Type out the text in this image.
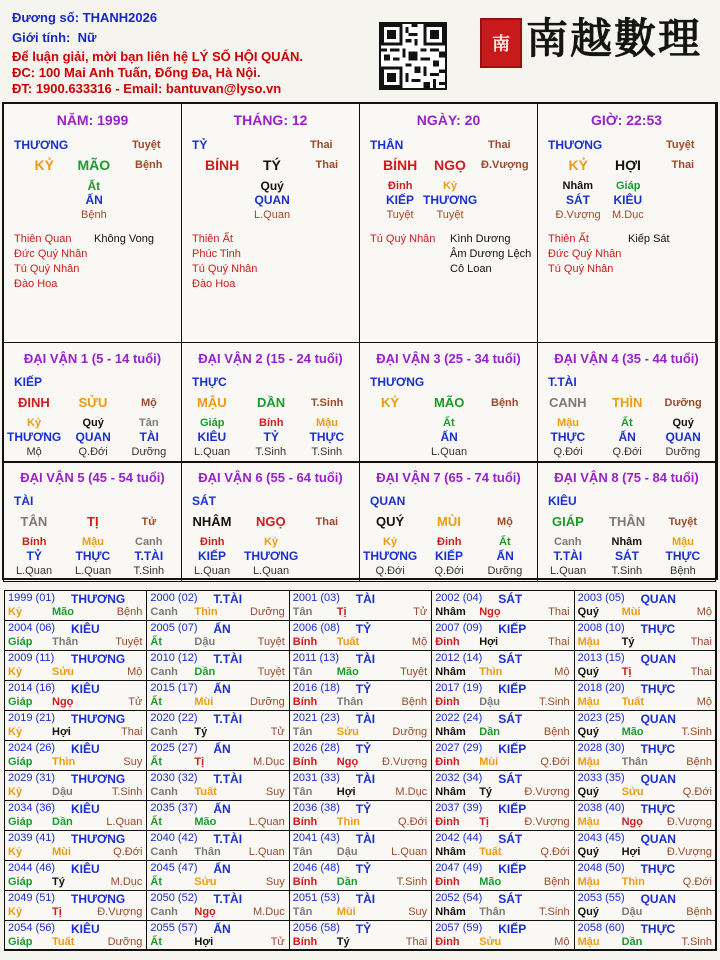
Đương số: THANH2026
Giới tính: Nữ
Để luận giải, mời bạn liên hệ LÝ SỐ HỘI QUÁN.
ĐC: 100 Mai Anh Tuấn, Đống Đa, Hà Nội.
ĐT: 1900.633316 - Email: bantuvan@lyso.vn
南 南越數理
NĂM: 1999
THƯƠNG	Tuyệt
KỶ MÃO Bệnh
Ất
ẤN
Bệnh
Thiên Quan
Đức Quý Nhân
Tú Quý Nhân
Đào Hoa
Không Vong
THÁNG: 12
TỶ	Thai
BÍNH TÝ	Thai
Quý
QUAN
L.Quan
Thiên Ất
Phúc Tinh
Tú Quý Nhân
Đào Hoa
NGÀY: 20
THÂN	Thai
BÍNH NGỌ Đ.Vượng
Đinh	Kỷ
KIẾP THƯƠNG
Tuyệt Tuyệt
Tú Quý Nhân Kình Dương
Âm Dương Lệch
Cô Loan
GIỜ: 22:53
THƯƠNG	Tuyệt
KỶ HỢI	Thai
Nhâm Giáp
SÁT KIÊU
Đ.Vượng M.Dục
Thiên Ất
Đức Quý Nhân
Tú Quý Nhân
Kiếp Sát
ĐẠI VẬN 1 (5 - 14 tuổi)
KIẾP
ĐINH SỬU	Mộ
Kỷ	Quý	Tân
THƯƠNG QUAN TÀI
Mộ	Q.Đới Dưỡng
ĐẠI VẬN 2 (15 - 24 tuổi)
THỰC
MẬU DẦN T.Sinh
Giáp	Bính	Mậu
KIÊU	TỶ	THỰC
L.Quan T.Sinh T.Sinh
ĐẠI VẬN 3 (25 - 34 tuổi)
THƯƠNG
KỶ	MÃO Bệnh
Ất
ẤN
L.Quan
ĐẠI VẬN 4 (35 - 44 tuổi)
T.TÀI
CANH THÌN Dưỡng
Mậu	Ất	Quý
THỰC	ẤN QUAN
Q.Đới	Q.Đới Dưỡng
ĐẠI VẬN 5 (45 - 54 tuổi)
TÀI
TÂN	TỊ	Tử
Bính	Mậu	Canh
TỶ	THỰC T.TÀI
L.Quan L.Quan T.Sinh
ĐẠI VẬN 6 (55 - 64 tuổi)
SÁT
NHÂM NGỌ	Thai
Đinh	Kỷ
KIẾP THƯƠNG
L.Quan L.Quan
ĐẠI VẬN 7 (65 - 74 tuổi)
QUAN
QUÝ	MÙI	Mộ
Kỷ	Đinh	Ất
THƯƠNG KIẾP	ẤN
Q.Đới	Q.Đới Dưỡng
ĐẠI VẬN 8 (75 - 84 tuổi)
KIÊU
GIÁP THÂN Tuyệt
Canh	Nhâm	Mậu
T.TÀI	SÁT THỰC
L.Quan T.Sinh	Bệnh
1999 (01) THƯƠNG
Kỷ	Mão	Bệnh
2000 (02) T.TÀI
Canh Thìn	Dưỡng
2001 (03) TÀI
Tân Tị	Tử
2002 (04) SÁT
Nhâm Ngọ	Thai
2003 (05) QUAN
Quý Mùi	Mộ
2004 (06) KIÊU
Giáp Thân	Tuyệt
2005 (07) ẤN
Ất	Dậu	Tuyệt
2006 (08) TỶ
Bính Tuất	Mộ
2007 (09) KIẾP
Đinh Hợi	Thai
2008 (10) THỰC
Mậu Tý	Thai
2009 (11) THƯƠNG
Kỷ	Sửu	Mộ
2010 (12) T.TÀI
Canh Dần	Tuyệt
2011 (13) TÀI
Tân Mão	Tuyệt
2012 (14) SÁT
Nhâm Thìn	Mộ
2013 (15) QUAN
Quý Tị	Thai
2014 (16) KIÊU
Giáp Ngọ	Tử
2015 (17) ẤN
Ất	Mùi	Dưỡng
2016 (18) TỶ
Bính Thân	Bệnh
2017 (19) KIẾP
Đinh Dậu	T.Sinh
2018 (20) THỰC
Mậu Tuất	Mộ
2019 (21) THƯƠNG
Kỷ	Hợi	Thai
2020 (22) T.TÀI
Canh Tý	Tử
2021 (23) TÀI
Tân Sửu	Dưỡng
2022 (24) SÁT
Nhâm Dần	Bệnh
2023 (25) QUAN
Quý Mão	T.Sinh
2024 (26) KIÊU
Giáp Thìn	Suy
2025 (27) ẤN
Ất	Tị	M.Dục
2026 (28) TỶ
Bính Ngọ Đ.Vượng
2027 (29) KIẾP
Đinh Mùi	Q.Đới
2028 (30) THỰC
Mậu Thân	Bệnh
2029 (31) THƯƠNG
Kỷ	Dậu	T.Sinh
2030 (32) T.TÀI
Canh Tuất	Suy
2031 (33) TÀI
Tân Hợi	M.Dục
2032 (34) SÁT
Nhâm Tý	Đ.Vượng
2033 (35) QUAN
Quý Sửu	Q.Đới
2034 (36) KIÊU
Giáp Dần	L.Quan
2035 (37) ẤN
Ất	Mão	L.Quan
2036 (38) TỶ
Bính Thìn	Q.Đới
2037 (39) KIẾP
Đinh Tị	Đ.Vượng
2038 (40) THỰC
Mậu Ngọ Đ.Vượng
2039 (41) THƯƠNG
Kỷ	Mùi	Q.Đới
2040 (42) T.TÀI
Canh Thân	L.Quan
2041 (43) TÀI
Tân Dậu	L.Quan
2042 (44) SÁT
Nhâm Tuất	Q.Đới
2043 (45) QUAN
Quý Hợi Đ.Vượng
2044 (46) KIÊU
Giáp Tý	M.Dục
2045 (47) ẤN
Ất	Sửu	Suy
2046 (48) TỶ
Bính Dần	T.Sinh
2047 (49) KIẾP
Đinh Mão	Bệnh
2048 (50) THỰC
Mậu Thìn	Q.Đới
2049 (51) THƯƠNG
Kỷ	Tị	Đ.Vượng
2050 (52) T.TÀI
Canh Ngọ	M.Dục
2051 (53) TÀI
Tân Mùi	Suy
2052 (54) SÁT
Nhâm Thân	T.Sinh
2053 (55) QUAN
Quý Dậu	Bệnh
2054 (56) KIÊU
Giáp Tuất	Dưỡng
2055 (57) ẤN
Ất	Hợi	Tử
2056 (58) TỶ
Bính Tý	Thai
2057 (59) KIẾP
Đinh Sửu	Mộ
2058 (60) THỰC
Mậu Dần	T.Sinh
